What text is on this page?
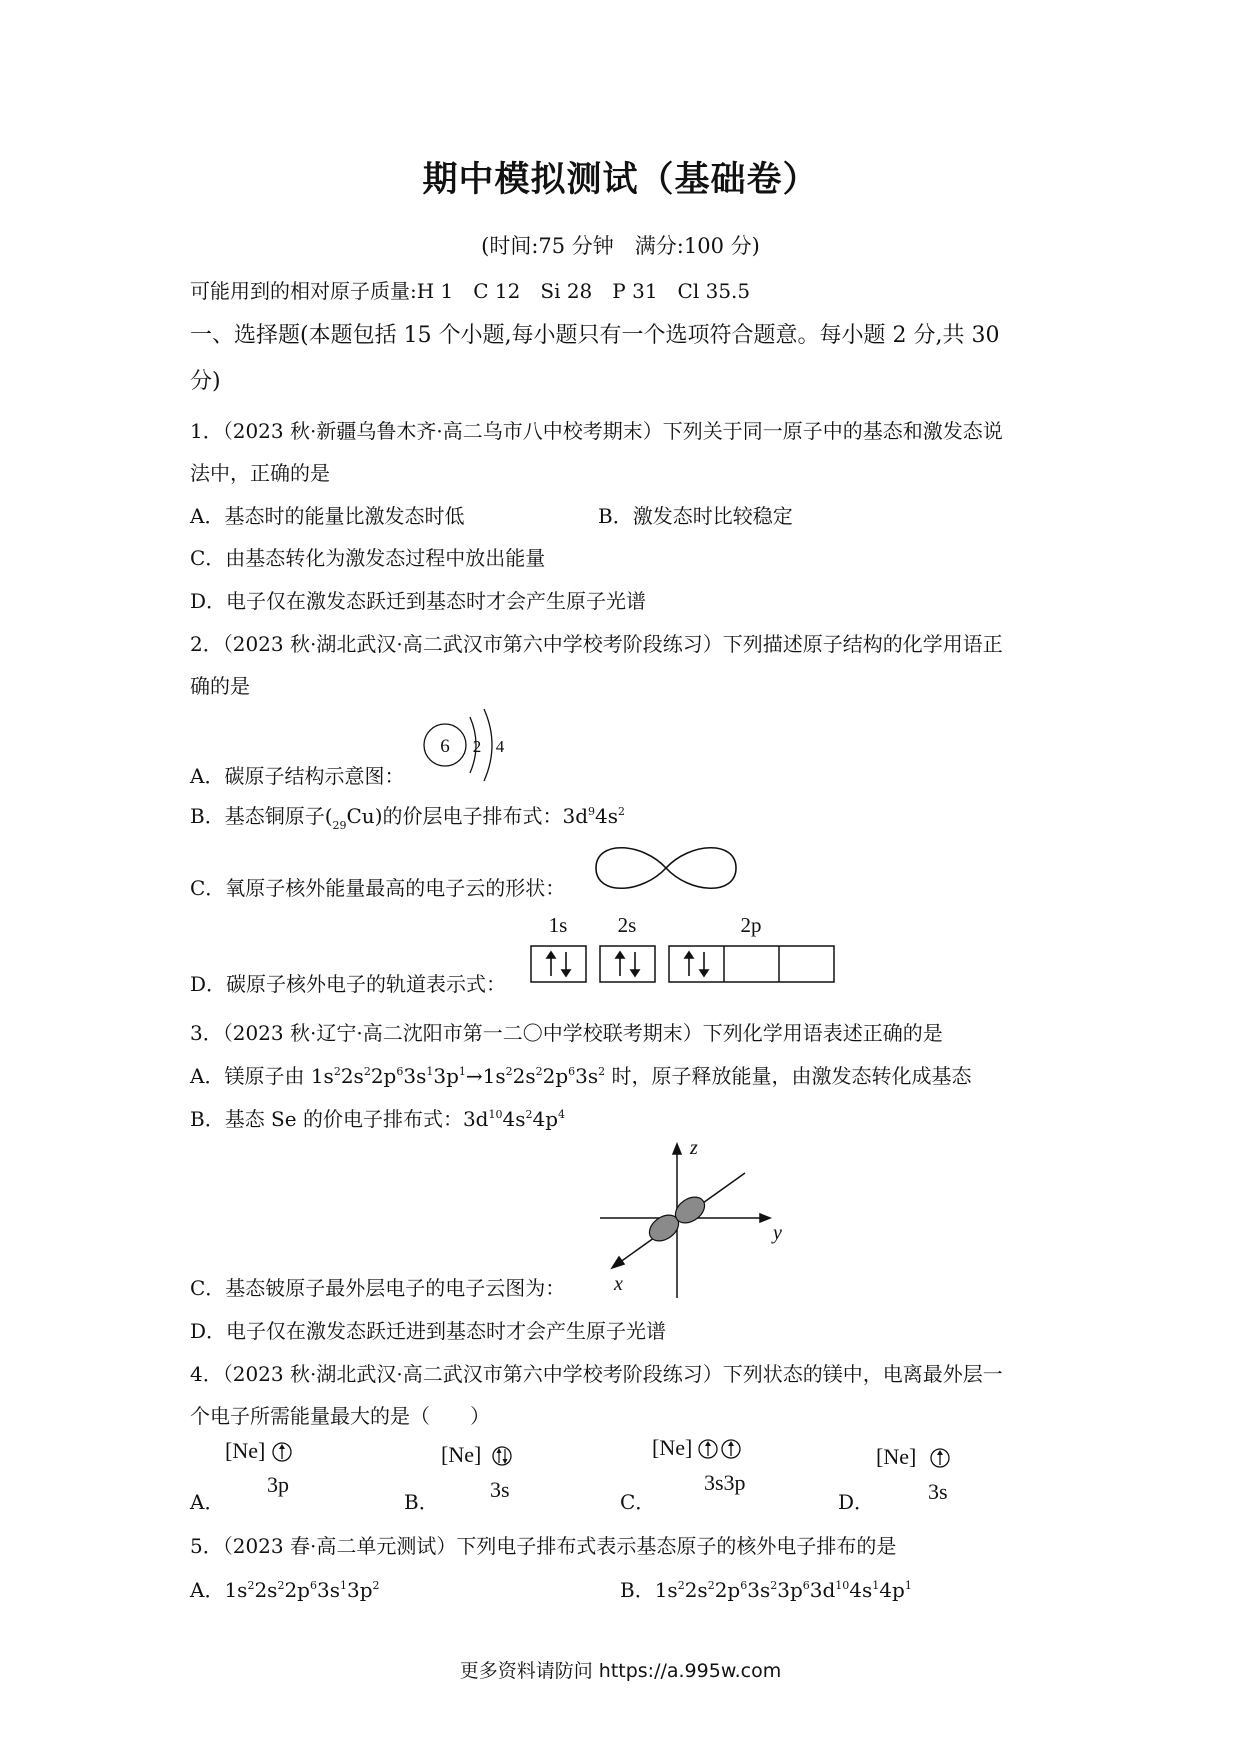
期中模拟测试（基础卷）
(时间:75 分钟　满分:100 分)
可能用到的相对原子质量:H 1　C 12　Si 28　P 31　Cl 35.5
一、选择题(本题包括 15 个小题,每小题只有一个选项符合题意。每小题 2 分,共 30
分)
1．（2023 秋·新疆乌鲁木齐·高二乌市八中校考期末）下列关于同一原子中的基态和激发态说
法中，正确的是
A．基态时的能量比激发态时低	B．激发态时比较稳定
C．由基态转化为激发态过程中放出能量
D．电子仅在激发态跃迁到基态时才会产生原子光谱
2．（2023 秋·湖北武汉·高二武汉市第六中学校考阶段练习）下列描述原子结构的化学用语正
确的是
A．碳原子结构示意图：
6 2 4
B．基态铜原子$(_{29}Cu)$的价层电子排布式：$3d^94s^2$
C．氧原子核外能量最高的电子云的形状：
D．碳原子核外电子的轨道表示式：
1s 2s	2p
3．（2023 秋·辽宁·高二沈阳市第一二〇中学校联考期末）下列化学用语表述正确的是
A．镁原子由 $1s^22s^22p^63s^13p^1\to 1s^22s^22p^63s^2$ 时，原子释放能量，由激发态转化成基态
B．基态 Se 的价电子排布式：$3d^{10}4s^24p^4$
z
y
x
C．基态铍原子最外层电子的电子云图为：
D．电子仅在激发态跃迁进到基态时才会产生原子光谱
4．（2023 秋·湖北武汉·高二武汉市第六中学校考阶段练习）下列状态的镁中，电离最外层一
个电子所需能量最大的是（　　）
A．
[Ne]
3p
B．
[Ne]
3s	C．
[Ne]
3s3p
D．
[Ne]
3s
5．（2023 春·高二单元测试）下列电子排布式表示基态原子的核外电子排布的是
A．$1s^22s^22p^63s^13p^2$	B．$1s^22s^22p^63s^23p^63d^{10}4s^14p^1$
更多资料请防问 https://a.995w.com
